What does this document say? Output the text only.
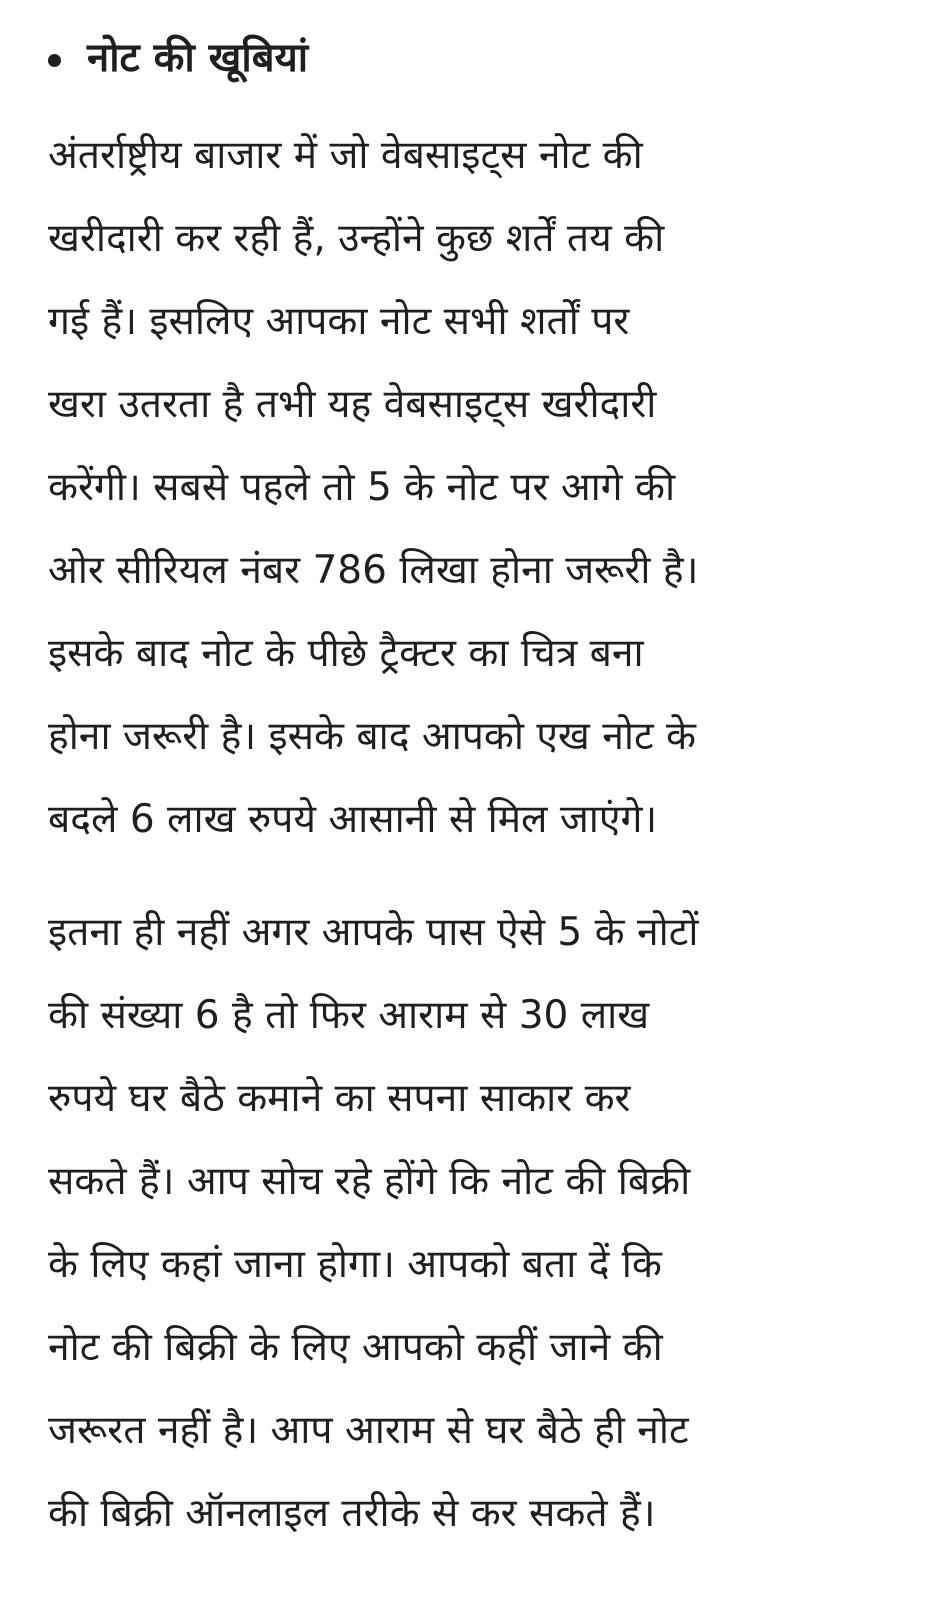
नोट की खूबियां

अंतर्राष्ट्रीय बाजार में जो वेबसाइट्स नोट की
खरीदारी कर रही हैं, उन्होंने कुछ शर्तें तय की
गई हैं। इसलिए आपका नोट सभी शर्तों पर
खरा उतरता है तभी यह वेबसाइट्स खरीदारी
करेंगी। सबसे पहले तो 5 के नोट पर आगे की
ओर सीरियल नंबर 786 लिखा होना जरूरी है।
इसके बाद नोट के पीछे ट्रैक्टर का चित्र बना
होना जरूरी है। इसके बाद आपको एख नोट के
बदले 6 लाख रुपये आसानी से मिल जाएंगे।

इतना ही नहीं अगर आपके पास ऐसे 5 के नोटों
की संख्या 6 है तो फिर आराम से 30 लाख
रुपये घर बैठे कमाने का सपना साकार कर
सकते हैं। आप सोच रहे होंगे कि नोट की बिक्री
के लिए कहां जाना होगा। आपको बता दें कि
नोट की बिक्री के लिए आपको कहीं जाने की
जरूरत नहीं है। आप आराम से घर बैठे ही नोट
की बिक्री ऑनलाइल तरीके से कर सकते हैं।
